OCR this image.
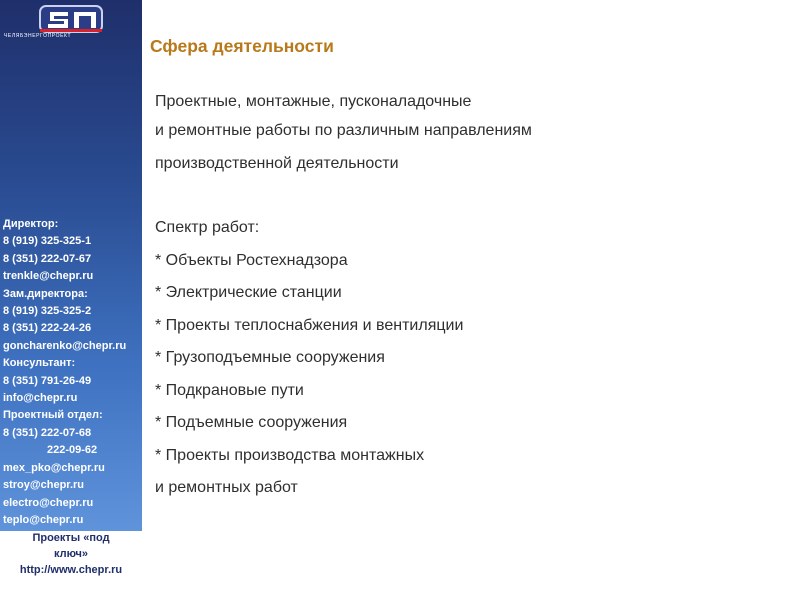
ЧЕЛЯБЭНЕРГОПРОЕКТ
Директор:
8 (919) 325-325-1
8 (351) 222-07-67
trenkle@chepr.ru
Зам.директора:
8 (919) 325-325-2
8 (351) 222-24-26
goncharenko@chepr.ru
Консультант:
8 (351) 791-26-49
info@chepr.ru
Проектный отдел:
8 (351) 222-07-68
222-09-62
mex_pko@chepr.ru
stroy@chepr.ru
electro@chepr.ru
teplo@chepr.ru
Проекты «под ключ»
http://www.chepr.ru
Сфера деятельности
Проектные, монтажные, пусконаладочные
и ремонтные работы по различным направлениям
производственной деятельности
Спектр работ:
* Объекты Ростехнадзора
* Электрические станции
* Проекты теплоснабжения и вентиляции
* Грузоподъемные сооружения
* Подкрановые пути
* Подъемные сооружения
* Проекты производства монтажных
и ремонтных работ
